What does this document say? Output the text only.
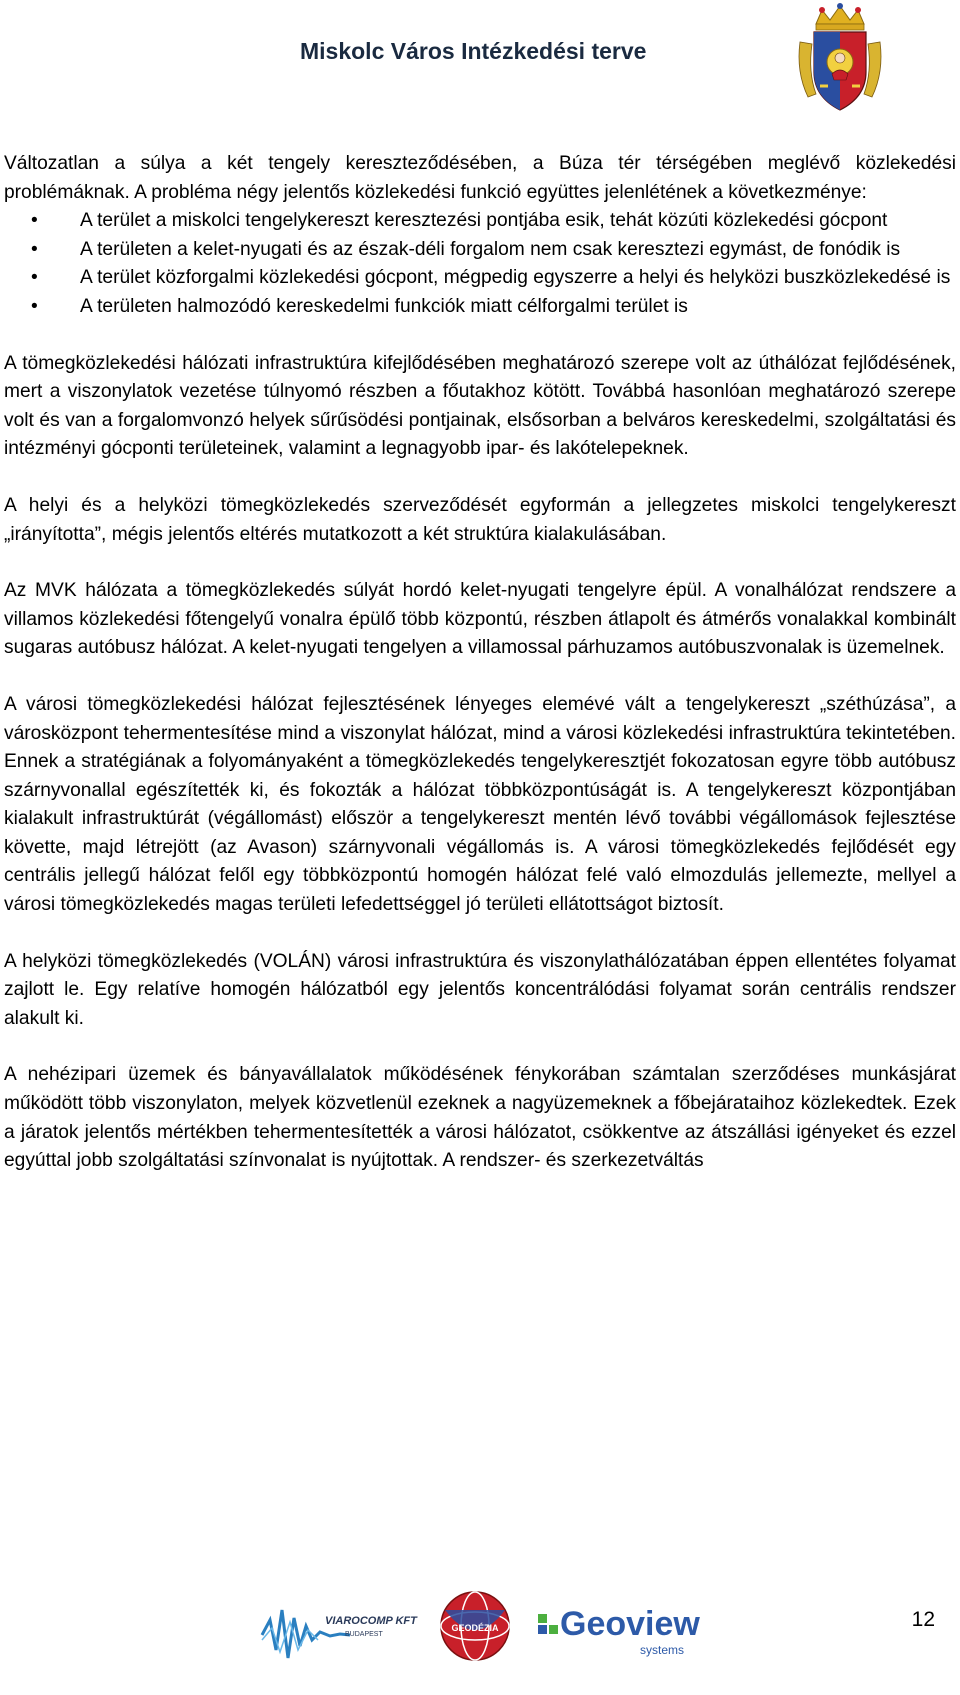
Miskolc Város Intézkedési terve

Változatlan a súlya a két tengely kereszteződésében, a Búza tér térségében meglévő közlekedési problémáknak. A probléma négy jelentős közlekedési funkció együttes jelenlétének a következménye:

• A terület a miskolci tengelykereszt keresztezési pontjába esik, tehát közúti közlekedési gócpont
• A területen a kelet-nyugati és az észak-déli forgalom nem csak keresztezi egymást, de fonódik is
• A terület közforgalmi közlekedési gócpont, mégpedig egyszerre a helyi és helyközi buszközlekedésé is
• A területen halmozódó kereskedelmi funkciók miatt célforgalmi terület is

A tömegközlekedési hálózati infrastruktúra kifejlődésében meghatározó szerepe volt az úthálózat fejlődésének, mert a viszonylatok vezetése túlnyomó részben a főutakhoz kötött. Továbbá hasonlóan meghatározó szerepe volt és van a forgalomvonzó helyek sűrűsödési pontjainak, elsősorban a belváros kereskedelmi, szolgáltatási és intézményi gócponti területeinek, valamint a legnagyobb ipar- és lakótelepeknek.

A helyi és a helyközi tömegközlekedés szerveződését egyformán a jellegzetes miskolci tengelykereszt „irányította”, mégis jelentős eltérés mutatkozott a két struktúra kialakulásában.

Az MVK hálózata a tömegközlekedés súlyát hordó kelet-nyugati tengelyre épül. A vonalhálózat rendszere a villamos közlekedési főtengelyű vonalra épülő több központú, részben átlapolt és átmérős vonalakkal kombinált sugaras autóbusz hálózat. A kelet-nyugati tengelyen a villamossal párhuzamos autóbuszvonalak is üzemelnek.

A városi tömegközlekedési hálózat fejlesztésének lényeges elemévé vált a tengelykereszt „széthúzása”, a városközpont tehermentesítése mind a viszonylat hálózat, mind a városi közlekedési infrastruktúra tekintetében. Ennek a stratégiának a folyományaként a tömegközlekedés tengelykeresztjét fokozatosan egyre több autóbusz szárnyvonallal egészítették ki, és fokozták a hálózat többközpontúságát is. A tengelykereszt központjában kialakult infrastruktúrát (végállomást) először a tengelykereszt mentén lévő további végállomások fejlesztése követte, majd létrejött (az Avason) szárnyvonali végállomás is. A városi tömegközlekedés fejlődését egy centrális jellegű hálózat felől egy többközpontú homogén hálózat felé való elmozdulás jellemezte, mellyel a városi tömegközlekedés magas területi lefedettséggel jó területi ellátottságot biztosít.

A helyközi tömegközlekedés (VOLÁN) városi infrastruktúra és viszonylathálózatában éppen ellentétes folyamat zajlott le. Egy relatíve homogén hálózatból egy jelentős koncentrálódási folyamat során centrális rendszer alakult ki.

A nehézipari üzemek és bányavállalatok működésének fénykorában számtalan szerződéses munkásjárat működött több viszonylaton, melyek közvetlenül ezeknek a nagyüzemeknek a főbejárataihoz közlekedtek. Ezek a járatok jelentős mértékben tehermentesítették a városi hálózatot, csökkentve az átszállási igényeket és ezzel egyúttal jobb szolgáltatási színvonalat is nyújtottak. A rendszer- és szerkezetváltás

VIAROCOMP KFT
BUDAPEST
GEODÉZIA Geoview
systems
12
